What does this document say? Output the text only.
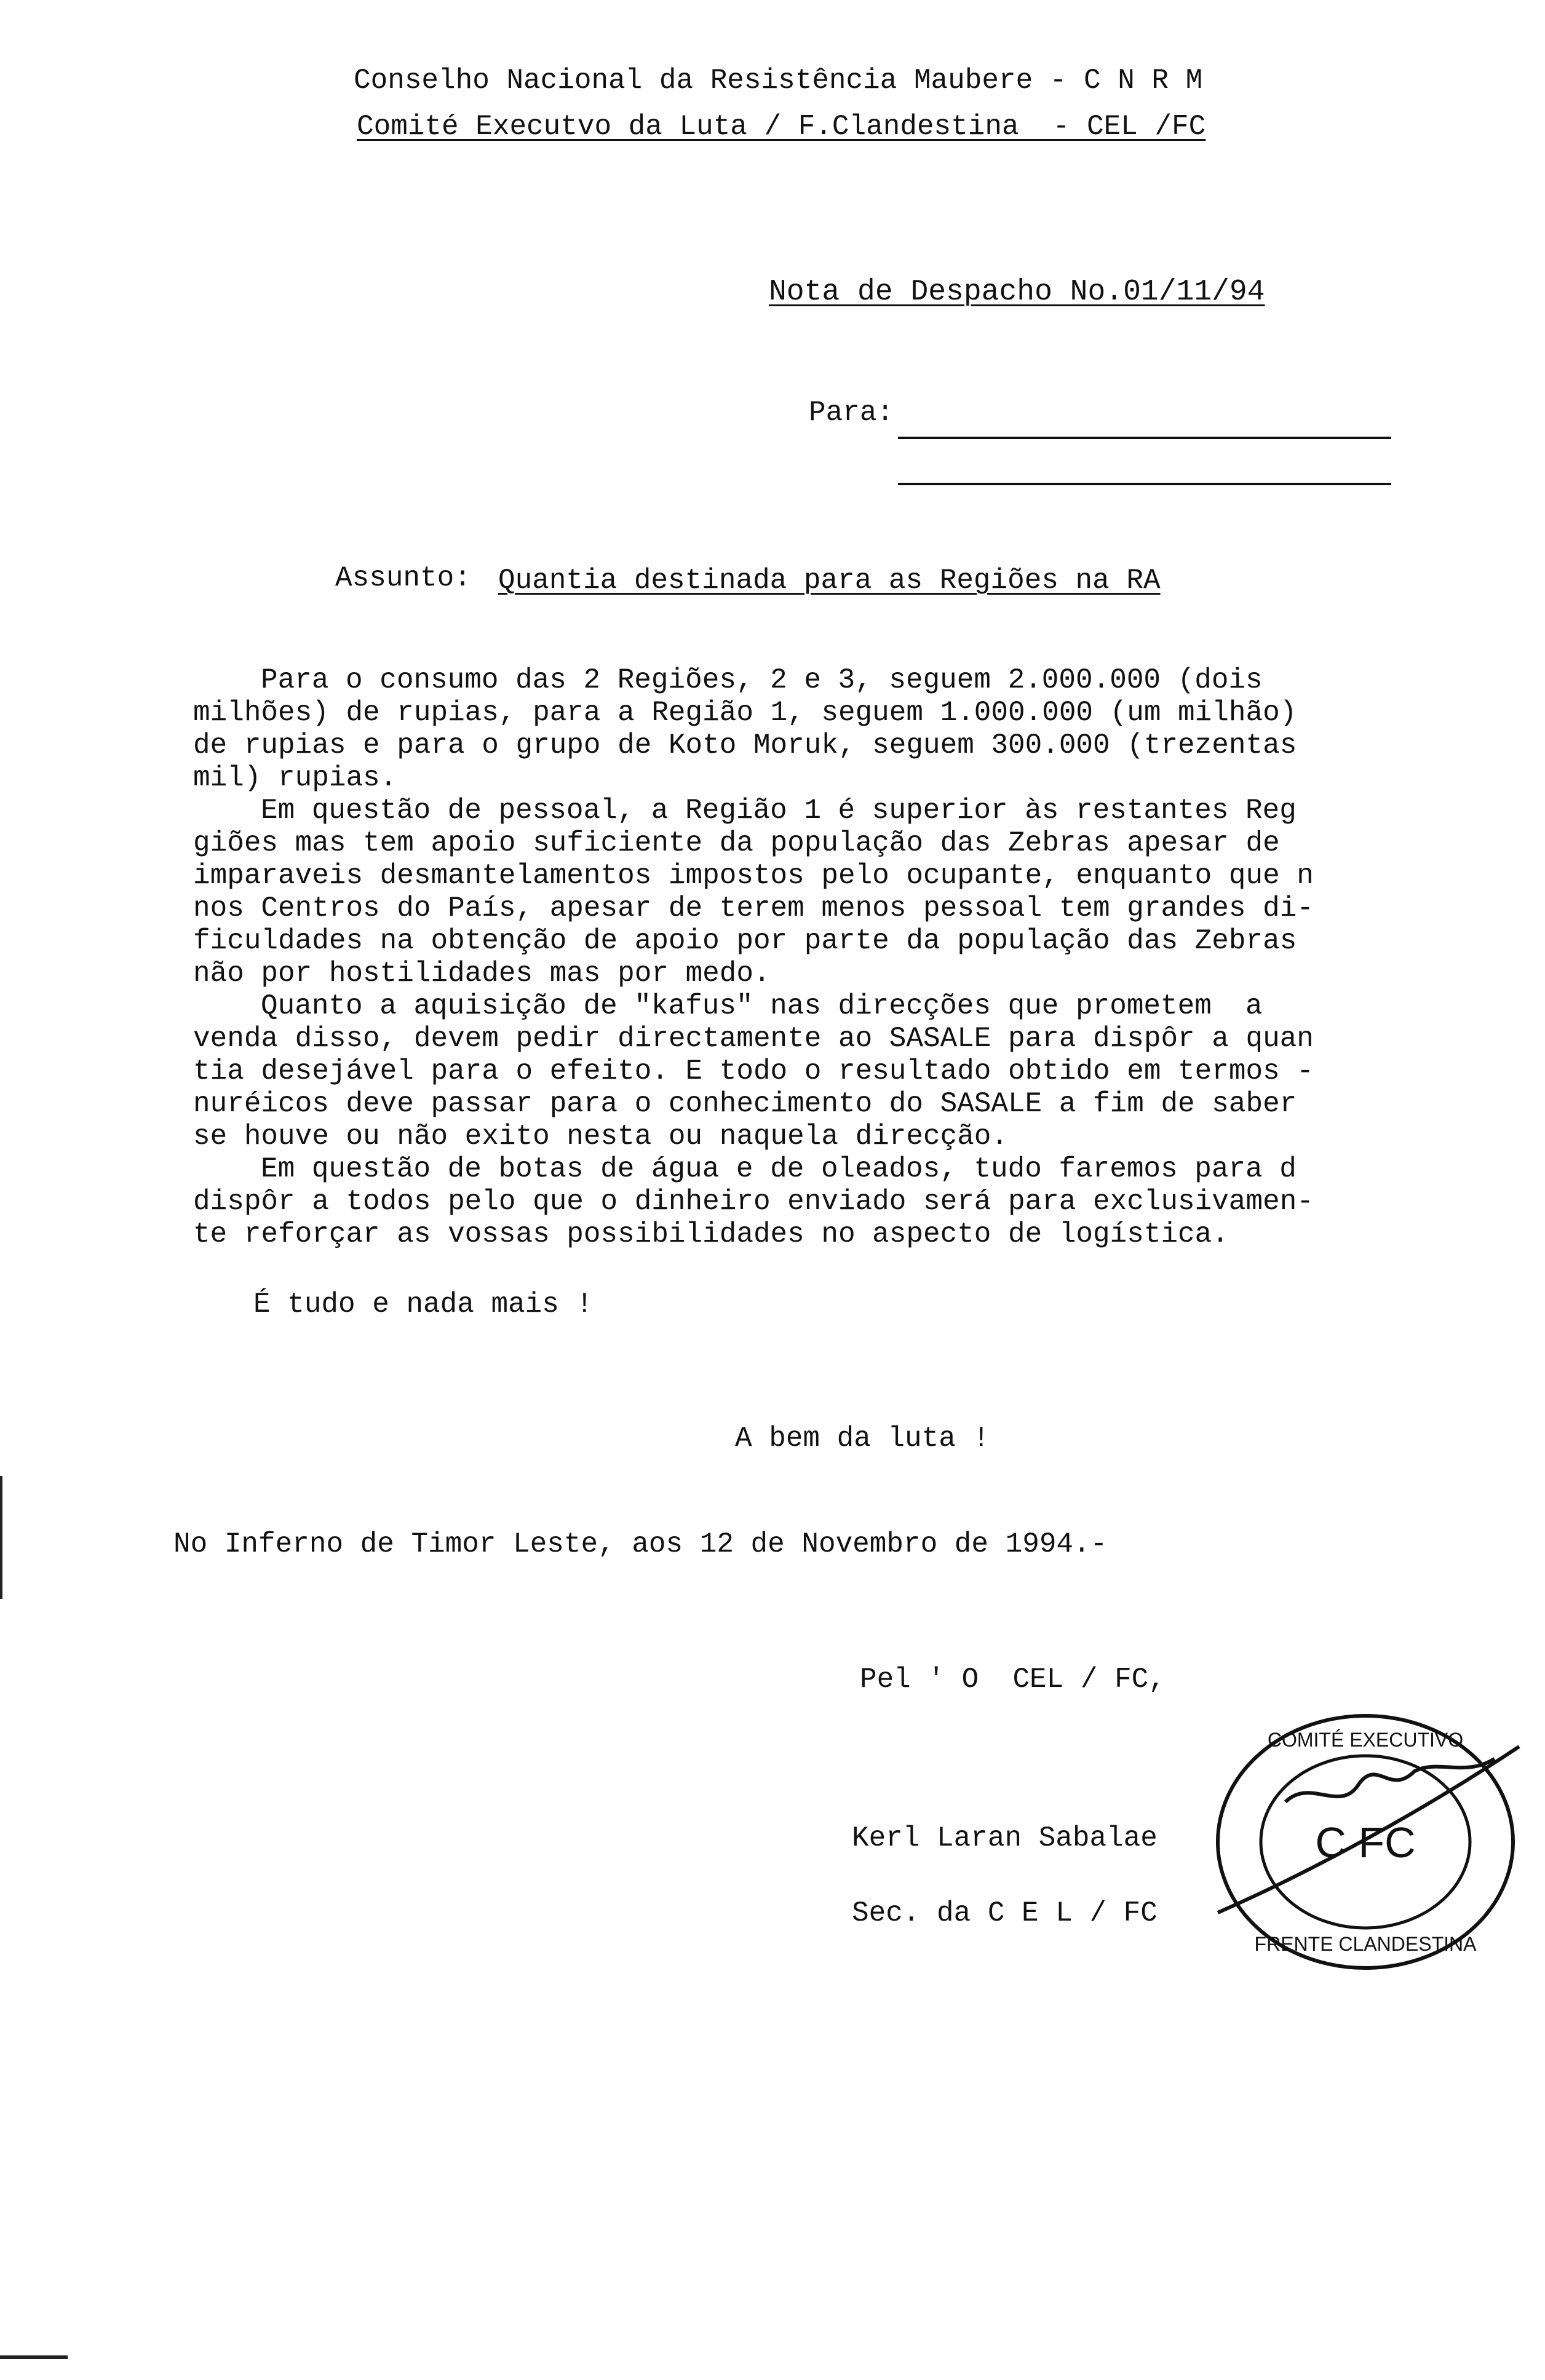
Conselho Nacional da Resistência Maubere - C N R M
Comité Executvo da Luta / F.Clandestina  - CEL /FC
Nota de Despacho No.01/11/94
Para:
Assunto: Quantia destinada para as Regiões na RA
Para o consumo das 2 Regiões, 2 e 3, seguem 2.000.000 (dois
milhões) de rupias, para a Região 1, seguem 1.000.000 (um milhão)
de rupias e para o grupo de Koto Moruk, seguem 300.000 (trezentas
mil) rupias.
Em questão de pessoal, a Região 1 é superior às restantes Reg
giões mas tem apoio suficiente da população das Zebras apesar de
imparaveis desmantelamentos impostos pelo ocupante, enquanto que n
nos Centros do País, apesar de terem menos pessoal tem grandes di-
ficuldades na obtenção de apoio por parte da população das Zebras
não por hostilidades mas por medo.
Quanto a aquisição de "kafus" nas direcções que prometem  a
venda disso, devem pedir directamente ao SASALE para dispôr a quan
tia desejável para o efeito. E todo o resultado obtido em termos -
nuréicos deve passar para o conhecimento do SASALE a fim de saber
se houve ou não exito nesta ou naquela direcção.
Em questão de botas de água e de oleados, tudo faremos para d
dispôr a todos pelo que o dinheiro enviado será para exclusivamen-
te reforçar as vossas possibilidades no aspecto de logística.
É tudo e nada mais !
A bem da luta !
No Inferno de Timor Leste, aos 12 de Novembro de 1994.-
Pel ' O  CEL / FC,
Kerl Laran Sabalae
Sec. da C E L / FC
COMITÉ EXECUTIVO
C FC
FRENTE CLANDESTINA
